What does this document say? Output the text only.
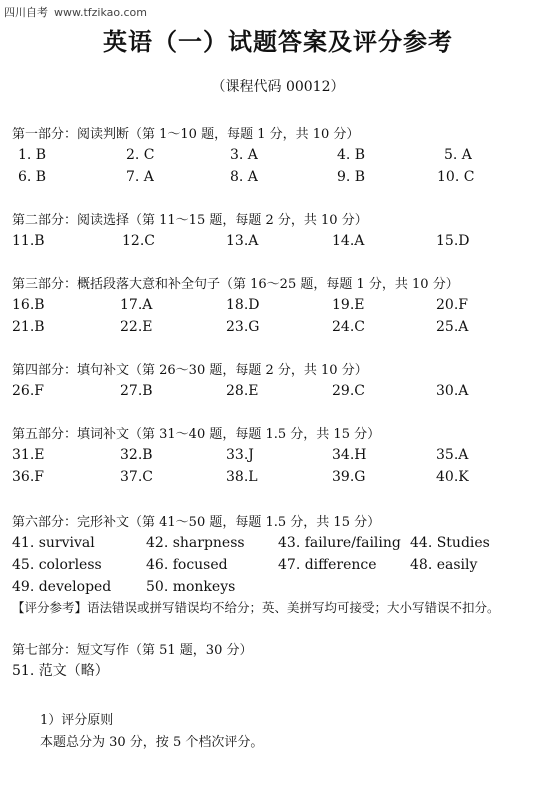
四川自考 www.tfzikao.com
英语（一）试题答案及评分参考
（课程代码 00012）
第一部分：阅读判断（第 1～10 题，每题 1 分，共 10 分）
1. B	2. C	3. A	4. B	5. A
6. B	7. A	8. A	9. B	10. C
第二部分：阅读选择（第 11～15 题，每题 2 分，共 10 分）
11.B	12.C	13.A	14.A	15.D
第三部分：概括段落大意和补全句子（第 16～25 题，每题 1 分，共 10 分）
16.B	17.A	18.D	19.E	20.F
21.B	22.E	23.G	24.C	25.A
第四部分：填句补文（第 26～30 题，每题 2 分，共 10 分）
26.F	27.B	28.E	29.C	30.A
第五部分：填词补文（第 31～40 题，每题 1.5 分，共 15 分）
31.E	32.B	33.J	34.H	35.A
36.F	37.C	38.L	39.G	40.K
第六部分：完形补文（第 41～50 题，每题 1.5 分，共 15 分）
41. survival	42. sharpness 43. failure/failing 44. Studies
45. colorless	46. focused	47. difference 48. easily
49. developed 50. monkeys
【评分参考】语法错误或拼写错误均不给分；英、美拼写均可接受；大小写错误不扣分。
第七部分：短文写作（第 51 题，30 分）
51. 范文（略）
1）评分原则
本题总分为 30 分，按 5 个档次评分。
